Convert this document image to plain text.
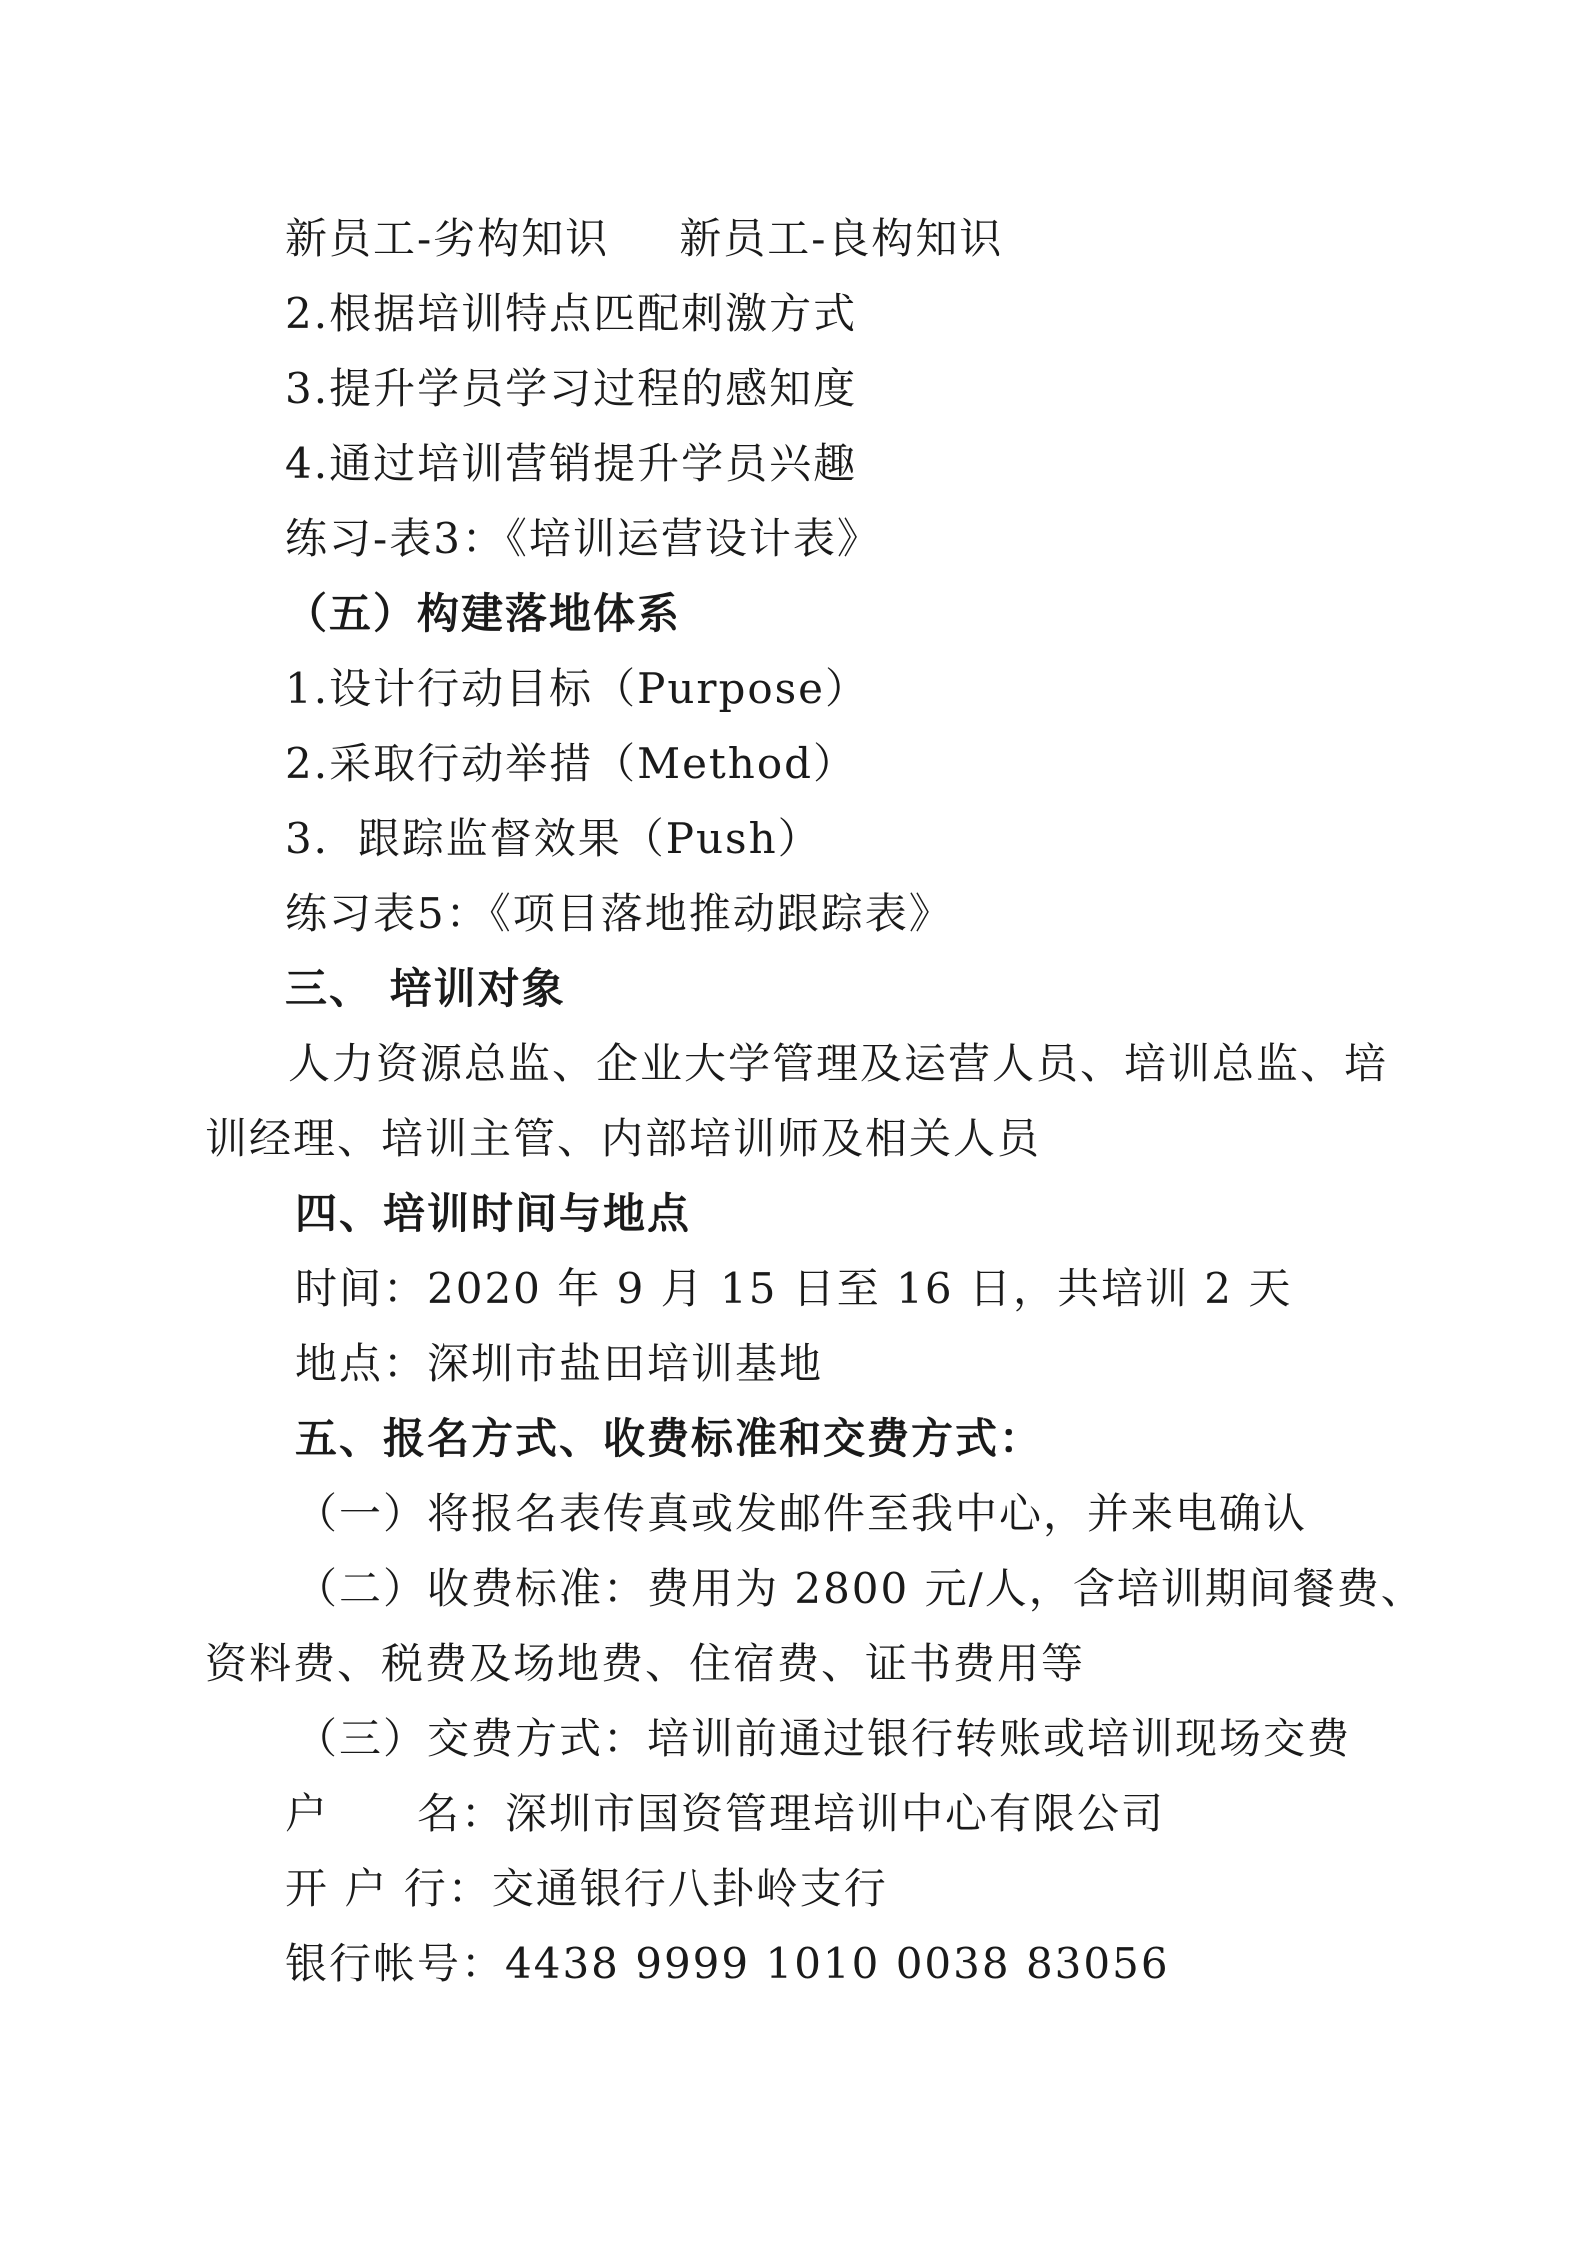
新员工-劣构知识 新员工-良构知识
2.根据培训特点匹配刺激方式
3.提升学员学习过程的感知度
4.通过培训营销提升学员兴趣
练习-表3：《培训运营设计表》
（五）构建落地体系
1.设计行动目标（Purpose）
2.采取行动举措（Method）
3．跟踪监督效果（Push）
练习表5：《项目落地推动跟踪表》
三、 培训对象
人力资源总监、企业大学管理及运营人员、培训总监、培
训经理、培训主管、内部培训师及相关人员
四、培训时间与地点
时间：2020 年 9 月 15 日至 16 日，共培训 2 天
地点：深圳市盐田培训基地
五、报名方式、收费标准和交费方式：
（一）将报名表传真或发邮件至我中心，并来电确认
（二）收费标准：费用为 2800 元/人，含培训期间餐费、
资料费、税费及场地费、住宿费、证书费用等
（三）交费方式：培训前通过银行转账或培训现场交费
户　　名：深圳市国资管理培训中心有限公司
开 户 行：交通银行八卦岭支行
银行帐号：4438 9999 1010 0038 83056
